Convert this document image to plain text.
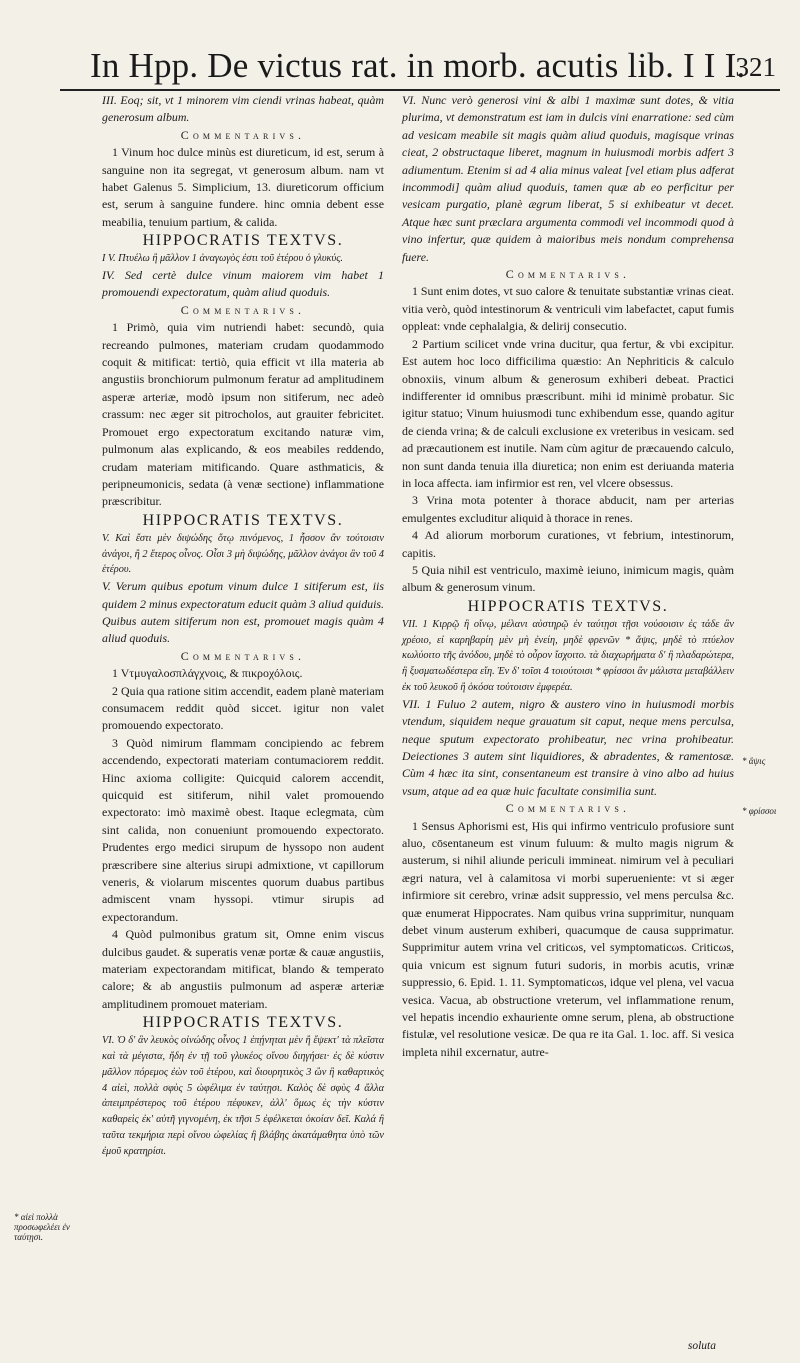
In Hpp. De victus rat. in morb. acutis lib. I I I.
321

III. Eoq; sit, vt 1 minorem vim ciendi vrinas habeat, quàm generosum album.

Commentarivs.

1 Vinum hoc dulce minùs est diureticum, id est, serum à sanguine non ita segregat, vt generosum album. nam vt habet Galenus 5. Simplicium, 13. diureticorum officium est, serum à sanguine fundere. hinc omnia debent esse meabilia, tenuium partium, & calida.

HIPPOCRATIS TEXTVS.

I V. Πτυέλω ἢ μᾶλλον 1 ἀναγωγὸς ἐστι τοῦ ἑτέρου ὁ γλυκύς.

IV. Sed certè dulce vinum maiorem vim habet 1 promouendi expectoratum, quàm aliud quoduis.

Commentarivs.

1 Primò, quia vim nutriendi habet: secundò, quia recreando pulmones, materiam crudam quodammodo coquit & mitificat: tertiò, quia efficit vt illa materia ab angustiis bronchiorum pulmonum feratur ad amplitudinem asperæ arteriæ, modò ipsum non sitiferum, nec adeò crassum: nec æger sit pitrocholos, aut grauiter febricitet. Promouet ergo expectoratum excitando naturæ vim, pulmonum alas explicando, & eos meabiles reddendo, crudam materiam mitificando. Quare asthmaticis, & peripneumonicis, sedata (à venæ sectione) inflammatione præscribitur.

HIPPOCRATIS TEXTVS.

V. Καὶ ἔστι μὲν διψώδης ὅτῳ πινόμενος, 1 ἧσσον ἂν τούτοισιν ἀνάγοι, ἢ 2 ἕτερος οἶνος. Οἷσι 3 μὴ διψώδης, μᾶλλον ἀνάγοι ἂν τοῦ 4 ἑτέρου.

V. Verum quibus epotum vinum dulce 1 sitiferum est, iis quidem 2 minus expectoratum educit quàm 3 aliud quiduis. Quibus autem sitiferum non est, promouet magis quàm 4 aliud quoduis.

Commentarivs.

1 Vτμυγαλοσπλάγχνοις, & πικροχόλοις.

2 Quia qua ratione sitim accendit, eadem planè materiam consumacem reddit quòd siccet. igitur non valet promouendo expectorato.

3 Quòd nimirum flammam concipiendo ac febrem accendendo, expectorati materiam contumaciorem reddit. Hinc axioma colligite: Quicquid calorem accendit, quicquid est sitiferum, nihil valet promouendo expectorato: imò maximè obest. Itaque eclegmata, cùm sint calida, non conueniunt promouendo expectorato. Prudentes ergo medici sirupum de hyssopo non audent præscribere sine alterius sirupi admixtione, vt capillorum veneris, & violarum miscentes quorum duabus partibus admiscent vnam hyssopi. vtimur sirupis ad expectorandum.

4 Quòd pulmonibus gratum sit, Omne enim viscus dulcibus gaudet. & superatis venæ portæ & cauæ angustiis, materiam expectorandam mitificat, blando & temperato calore; & ab angustiis pulmonum ad asperæ arteriæ amplitudinem promouet materiam.

HIPPOCRATIS TEXTVS.

VI. Ὁ δ' ἂν λευκὸς οἰνώδης οἶνος 1 ἐπῄνηται μὲν ἢ ἔψεκτ' τὰ πλεῖστα καὶ τὰ μέγιστα, ἤδη ἐν τῇ τοῦ γλυκέος οἴνου διηγήσει· ἐς δὲ κύστιν μᾶλλον πόρεμος ἐὼν τοῦ ἑτέρου, καὶ διουρητικὸς 3 ὢν ἢ καθαρτικὸς 4 αἰεὶ, πολλὰ σφὺς 5 ὠφέλιμα ἐν ταύτῃσι. Καλὸς δὲ σφὺς 4 ἄλλα ἀπειμπρέστερος τοῦ ἑτέρου πέφυκεν, ἀλλ' ὅμως ἐς τὴν κύστιν καθαρεὶς ἐκ' αὐτῆ γιγνομένη, ἐκ τῆσι 5 ἐφέλκεται ὁκοίαν δεῖ. Καλά ἢ ταῦτα τεκμήρια περὶ οἴνου ὠφελίας ἢ βλάβης ἀκατάμαθητα ὑπὸ τῶν ἐμοῦ κρατηρίσι.

VI. Nunc verò generosi vini & albi 1 maximæ sunt dotes, & vitia plurima, vt demonstratum est iam in dulcis vini enarratione: sed cùm ad vesicam meabile sit magis quàm aliud quoduis, magisque vrinas cieat, 2 obstructaque liberet, magnum in huiusmodi morbis adfert 3 adiumentum. Etenim si ad 4 alia minus valeat [vel etiam plus adferat incommodi] quàm aliud quoduis, tamen quæ ab eo perficitur per vesicam purgatio, planè ægrum liberat, 5 si exhibeatur vt decet. Atque hæc sunt præclara argumenta commodi vel incommodi quod à vino infertur, quæ quidem à maioribus meis nondum comprehensa fuere.

Commentarivs.

1 Sunt enim dotes, vt suo calore & tenuitate substantiæ vrinas cieat. vitia verò, quòd intestinorum & ventriculi vim labefactet, caput fumis oppleat: vnde cephalalgia, & delirij consecutio.

2 Partium scilicet vnde vrina ducitur, qua fertur, & vbi excipitur. Est autem hoc loco difficilima quæstio: An Nephriticis & calculo obnoxiis, vinum album & generosum exhiberi debeat. Practici indifferenter id omnibus præscribunt. mihi id minimè probatur. Sic igitur statuo; Vinum huiusmodi tunc exhibendum esse, quando agitur de cienda vrina; & de calculi exclusione ex vreteribus in vesicam. sed ad præcautionem est inutile. Nam cùm agitur de præcauendo calculo, non sunt danda tenuia illa diuretica; non enim est deriuanda materia in loca affecta. iam infirmior est ren, vel vlcere obsessus.

3 Vrina mota potenter à thorace abducit, nam per arterias emulgentes excluditur aliquid à thorace in renes.

4 Ad aliorum morborum curationes, vt febrium, intestinorum, capitis.

5 Quia nihil est ventriculo, maximè ieiuno, inimicum magis, quàm album & generosum vinum.

HIPPOCRATIS TEXTVS.

VII. 1 Κιρρῷ ἢ οἴνῳ, μέλανι αὐστηρῷ ἐν ταύτῃσι τῇσι νούσοισιν ἐς τάδε ἂν χρέοιο, εἰ καρηβαρίη μὲν μὴ ἐνείη, μηδὲ φρενῶν * ἅψις, μηδὲ τὸ πτύελον κωλύοιτο τῆς ἀνόδου, μηδὲ τὸ οὖρον ἴσχοιτο. τὰ διαχωρήματα δ' ἢ πλαδαρώτερα, ἢ ξυσματωδέστερα εἴη. Ἐν δ' τοῖσι 4 τοιούτοισι * φρίσσοι ἂν μάλιστα μεταβάλλειν ἐκ τοῦ λευκοῦ ἢ ὁκόσα τούτοισιν ἐμφερέα.

VII. 1 Fuluo 2 autem, nigro & austero vino in huiusmodi morbis vtendum, siquidem neque grauatum sit caput, neque mens perculsa, neque sputum expectorato prohibeatur, nec vrina prohibeatur. Deiectiones 3 autem sint liquidiores, & abradentes, & ramentosæ. Cùm 4 hæc ita sint, consentaneum est transire à vino albo ad huius vsum, atque ad ea quæ huic facultate consimilia sunt.

Commentarivs.

1 Sensus Aphorismi est, His qui infirmo ventriculo profusiore sunt aluo, cōsentaneum est vinum fuluum: & multo magis nigrum & austerum, si nihil aliunde periculi immineat. nimirum vel à peculiari ægri natura, vel à calamitosa vi morbi superueniente: vt si æger infirmiore sit cerebro, vrinæ adsit suppressio, vel mens perculsa &c. quæ enumerat Hippocrates. Nam quibus vrina supprimitur, nunquam debet vinum austerum exhiberi, quacumque de causa supprimatur. Supprimitur autem vrina vel criticωs, vel symptomaticωs. Criticωs, quia vnicum est signum futuri sudoris, in morbis acutis, vrinæ suppressio, 6. Epid. 1. 11. Symptomaticωs, idque vel plena, vel vacua vesica. Vacua, ab obstructione vreterum, vel inflammatione renum, vel hepatis incendio exhauriente omne serum, plena, ab obstructione fistulæ, vel resolutione vesicæ. De qua re ita Gal. 1. loc. aff. Si vesica impleta nihil excernatur, autre-

* αἰεὶ πολλὰ προσωφελέει ἐν ταύτῃσι.
* ἅψις
* φρίσσοι
soluta
